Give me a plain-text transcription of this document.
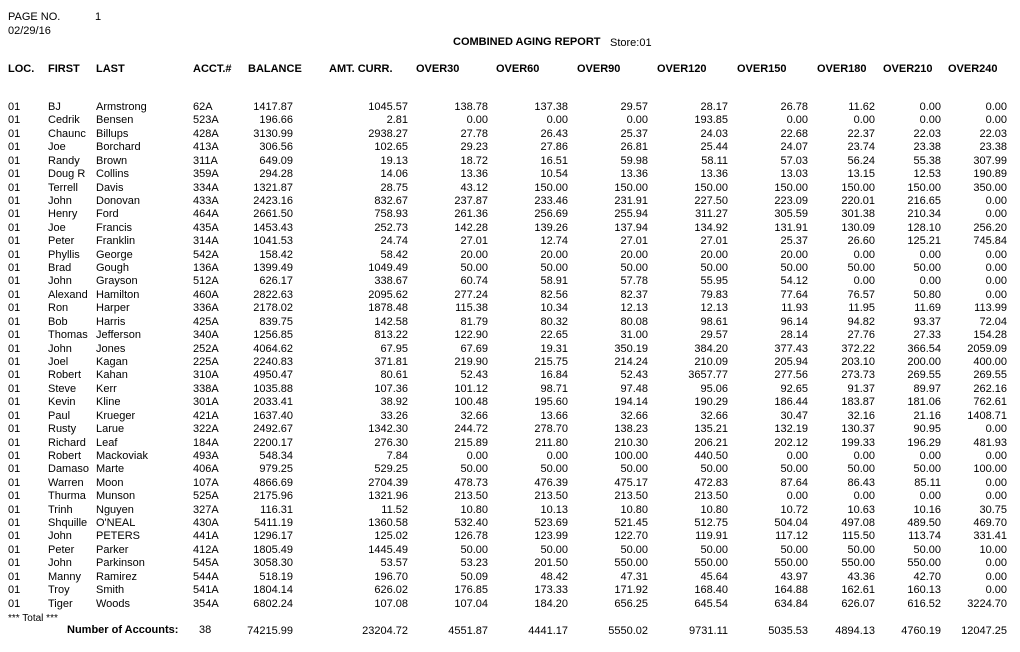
PAGE NO.	1
02/29/16
COMBINED AGING REPORT Store:01
LOC. FIRST LAST	ACCT.# BALANCE AMT. CURR. OVER30	OVER60	OVER90	OVER120	OVER150	OVER180 OVER210 OVER240
01	BJ	Armstrong	62A	1417.87	1045.57	138.78	137.38	29.57	28.17	26.78	11.62	0.00	0.00
01	Cedrik Bensen	523A	196.66	2.81	0.00	0.00	0.00	193.85	0.00	0.00	0.00	0.00
01	Chaunc Billups	428A	3130.99	2938.27	27.78	26.43	25.37	24.03	22.68	22.37	22.03	22.03
01	Joe	Borchard	413A	306.56	102.65	29.23	27.86	26.81	25.44	24.07	23.74	23.38	23.38
01	Randy Brown	311A	649.09	19.13	18.72	16.51	59.98	58.11	57.03	56.24	55.38	307.99
01	Doug R Collins	359A	294.28	14.06	13.36	10.54	13.36	13.36	13.03	13.15	12.53	190.89
01	Terrell Davis	334A	1321.87	28.75	43.12	150.00	150.00	150.00	150.00	150.00	150.00	350.00
01	John Donovan	433A	2423.16	832.67	237.87	233.46	231.91	227.50	223.09	220.01	216.65	0.00
01	Henry Ford	464A	2661.50	758.93	261.36	256.69	255.94	311.27	305.59	301.38	210.34	0.00
01	Joe	Francis	435A	1453.43	252.73	142.28	139.26	137.94	134.92	131.91	130.09	128.10	256.20
01	Peter Franklin	314A	1041.53	24.74	27.01	12.74	27.01	27.01	25.37	26.60	125.21	745.84
01	Phyllis George	542A	158.42	58.42	20.00	20.00	20.00	20.00	20.00	0.00	0.00	0.00
01	Brad Gough	136A	1399.49	1049.49	50.00	50.00	50.00	50.00	50.00	50.00	50.00	0.00
01	John Grayson	512A	626.17	338.67	60.74	58.91	57.78	55.95	54.12	0.00	0.00	0.00
01	Alexand Hamilton	460A	2822.63	2095.62	277.24	82.56	82.37	79.83	77.64	76.57	50.80	0.00
01	Ron	Harper	336A	2178.02	1878.48	115.38	10.34	12.13	12.13	11.93	11.95	11.69	113.99
01	Bob	Harris	425A	839.75	142.58	81.79	80.32	80.08	98.61	96.14	94.82	93.37	72.04
01	Thomas Jefferson	340A	1256.85	813.22	122.90	22.65	31.00	29.57	28.14	27.76	27.33	154.28
01	John Jones	252A	4064.62	67.95	67.69	19.31	350.19	384.20	377.43	372.22	366.54 2059.09
01	Joel	Kagan	225A	2240.83	371.81	219.90	215.75	214.24	210.09	205.94	203.10	200.00	400.00
01	Robert Kahan	310A	4950.47	80.61	52.43	16.84	52.43	3657.77	277.56	273.73	269.55	269.55
01	Steve Kerr	338A	1035.88	107.36	101.12	98.71	97.48	95.06	92.65	91.37	89.97	262.16
01	Kevin Kline	301A	2033.41	38.92	100.48	195.60	194.14	190.29	186.44	183.87	181.06	762.61
01	Paul Krueger	421A	1637.40	33.26	32.66	13.66	32.66	32.66	30.47	32.16	21.16 1408.71
01	Rusty Larue	322A	2492.67	1342.30	244.72	278.70	138.23	135.21	132.19	130.37	90.95	0.00
01	Richard Leaf	184A	2200.17	276.30	215.89	211.80	210.30	206.21	202.12	199.33	196.29	481.93
01	Robert Mackoviak	493A	548.34	7.84	0.00	0.00	100.00	440.50	0.00	0.00	0.00	0.00
01	Damaso Marte	406A	979.25	529.25	50.00	50.00	50.00	50.00	50.00	50.00	50.00	100.00
01	Warren Moon	107A	4866.69	2704.39	478.73	476.39	475.17	472.83	87.64	86.43	85.11	0.00
01	Thurma Munson	525A	2175.96	1321.96	213.50	213.50	213.50	213.50	0.00	0.00	0.00	0.00
01	Trinh Nguyen	327A	116.31	11.52	10.80	10.13	10.80	10.80	10.72	10.63	10.16	30.75
01	Shquille O'NEAL	430A	5411.19	1360.58	532.40	523.69	521.45	512.75	504.04	497.08	489.50	469.70
01	John PETERS	441A	1296.17	125.02	126.78	123.99	122.70	119.91	117.12	115.50	113.74	331.41
01	Peter Parker	412A	1805.49	1445.49	50.00	50.00	50.00	50.00	50.00	50.00	50.00	10.00
01	John Parkinson	545A	3058.30	53.57	53.23	201.50	550.00	550.00	550.00	550.00	550.00	0.00
01	Manny Ramirez	544A	518.19	196.70	50.09	48.42	47.31	45.64	43.97	43.36	42.70	0.00
01	Troy Smith	541A	1804.14	626.02	176.85	173.33	171.92	168.40	164.88	162.61	160.13	0.00
01	Tiger Woods	354A	6802.24	107.08	107.04	184.20	656.25	645.54	634.84	626.07	616.52 3224.70
*** Total ***
Number of Accounts: 38	74215.99	23204.72	4551.87	4441.17	5550.02	9731.11	5035.53 4894.13 4760.19 12047.25
